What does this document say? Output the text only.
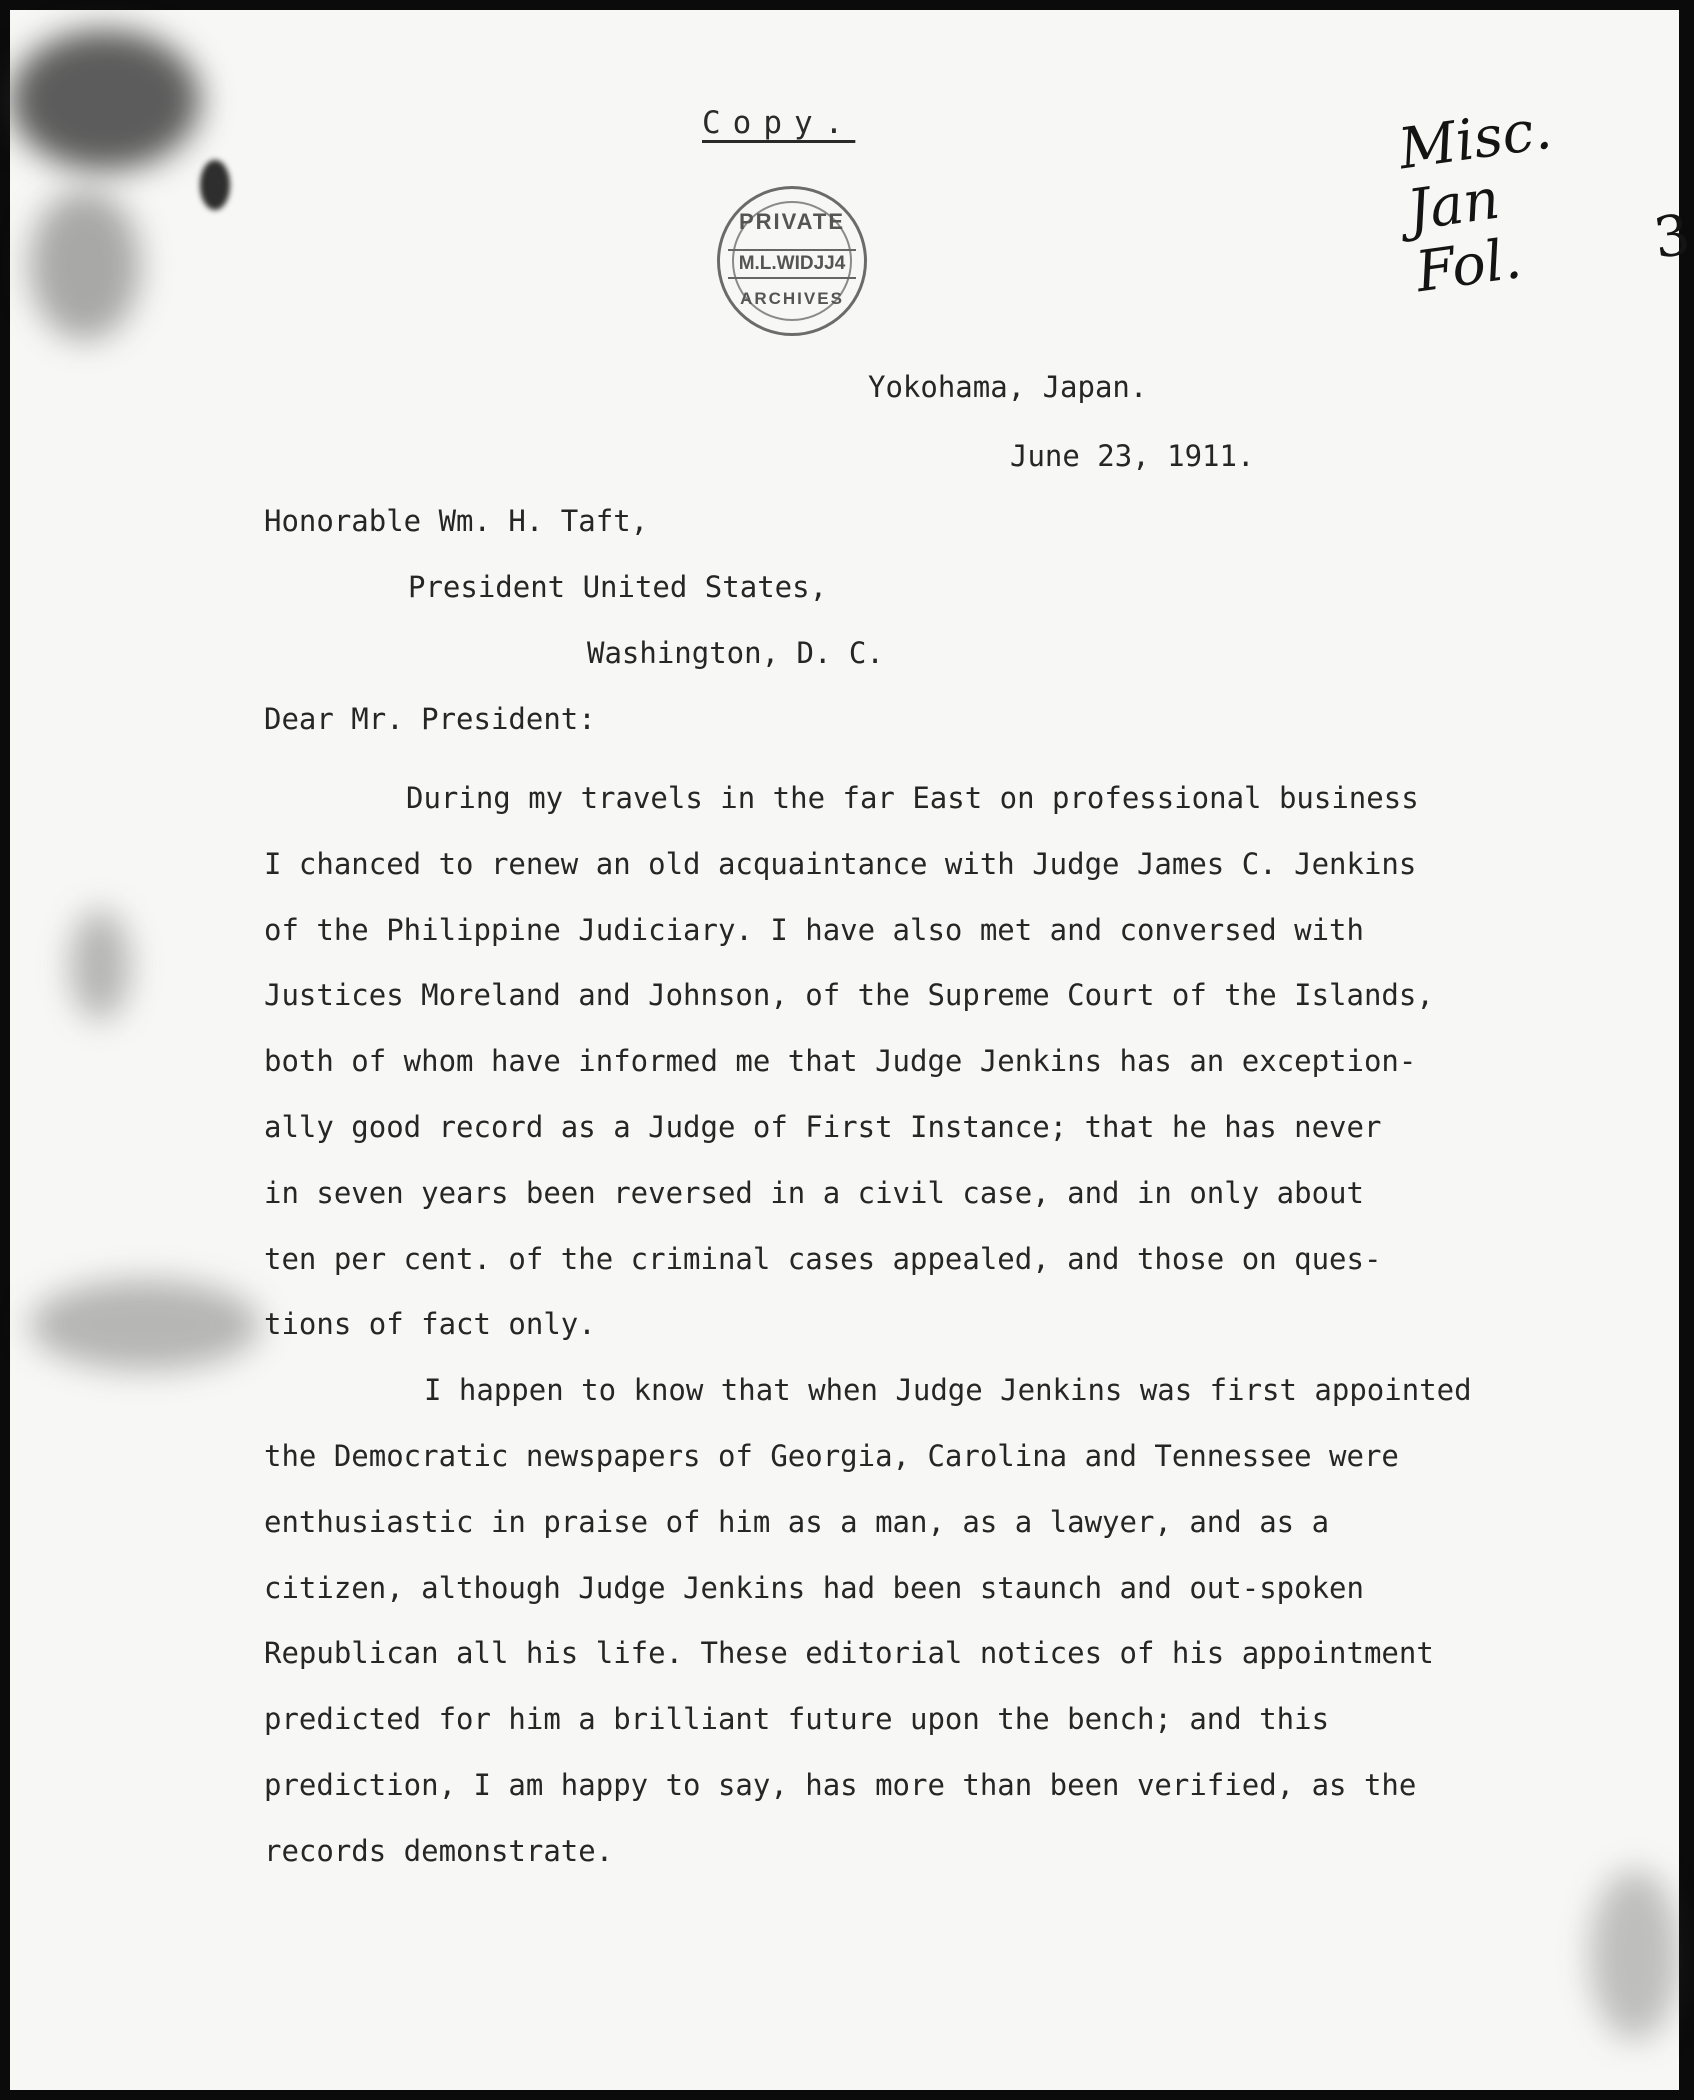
Copy.
PRIVATE
M.L.WIDJJ4
ARCHIVES
Misc.
Jan
Fol. 3
Yokohama, Japan.
June 23, 1911.
Honorable Wm. H. Taft,
President United States,
Washington, D. C.
Dear Mr. President:
During my travels in the far East on professional business
I chanced to renew an old acquaintance with Judge James C. Jenkins
of the Philippine Judiciary. I have also met and conversed with
Justices Moreland and Johnson, of the Supreme Court of the Islands,
both of whom have informed me that Judge Jenkins has an exception-
ally good record as a Judge of First Instance; that he has never
in seven years been reversed in a civil case, and in only about
ten per cent. of the criminal cases appealed, and those on ques-
tions of fact only.
I happen to know that when Judge Jenkins was first appointed
the Democratic newspapers of Georgia, Carolina and Tennessee were
enthusiastic in praise of him as a man, as a lawyer, and as a
citizen, although Judge Jenkins had been staunch and out-spoken
Republican all his life. These editorial notices of his appointment
predicted for him a brilliant future upon the bench; and this
prediction, I am happy to say, has more than been verified, as the
records demonstrate.
